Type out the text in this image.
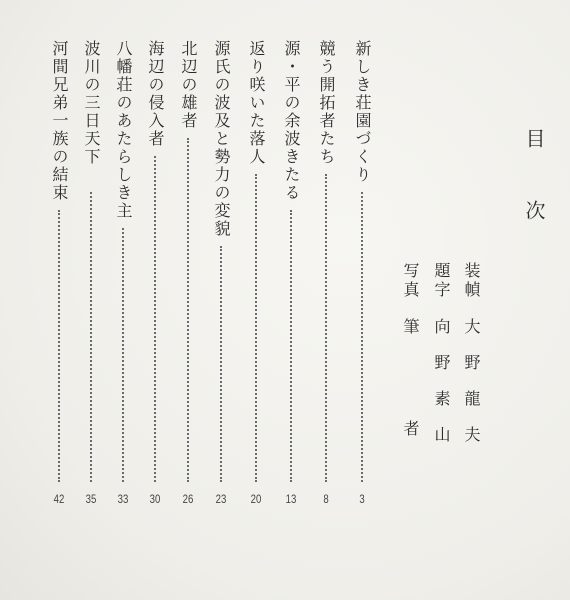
目次
装幀
大野龍夫
題字
向野素山
写真
筆者
新しき荘園づくり
3
競う開拓者たち
8
源・平の余波きたる
13
返り咲いた落人
20
源氏の波及と勢力の変貌
23
北辺の雄者
26
海辺の侵入者
30
八幡荘のあたらしき主
33
波川の三日天下
35
河間兄弟一族の結束
42
